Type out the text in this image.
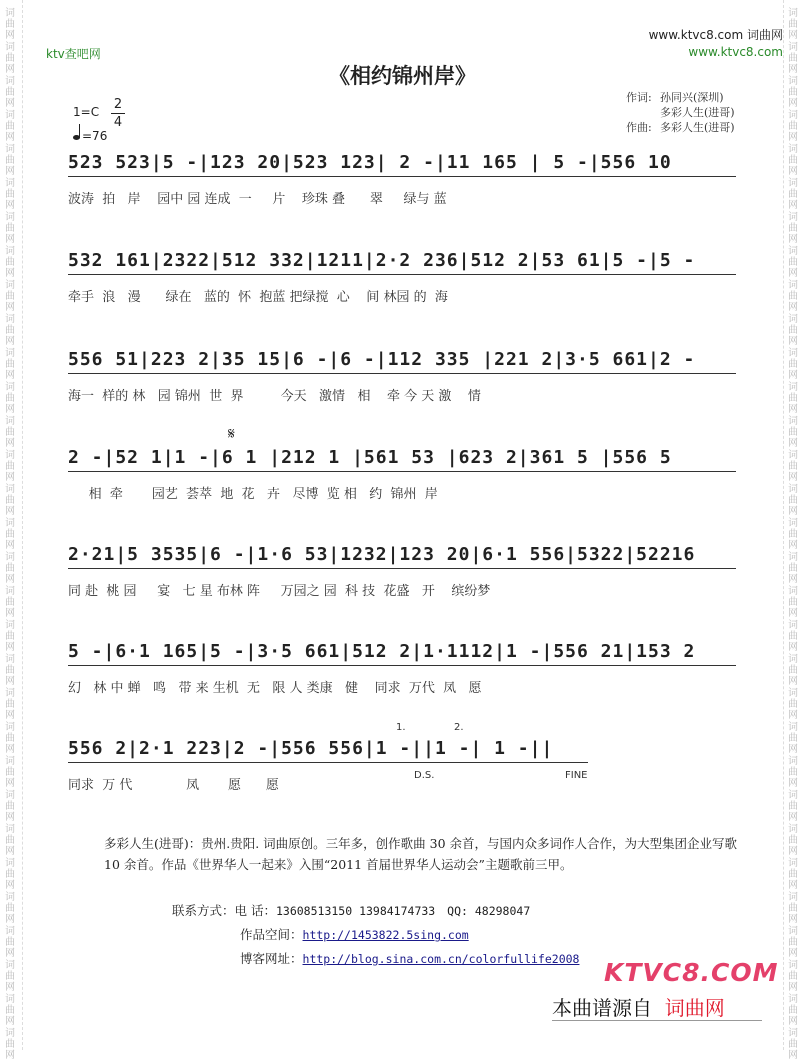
词曲网
词曲网
词曲网
词曲网
词曲网
词曲网
词曲网
词曲网
词曲网
词曲网
词曲网
词曲网
词曲网
词曲网
词曲网
词曲网
词曲网
词曲网
词曲网
词曲网
词曲网
词曲网
词曲网
词曲网
词曲网
词曲网
词曲网
词曲网
词曲网
词曲网
词曲网
词曲网
词曲网
词曲网
词曲网
词曲网
词曲网
词曲网
词曲网
词曲网
词曲网
词曲网
词曲网
词曲网
词曲网
词曲网
词曲网
词曲网
词曲网
词曲网
词曲网
词曲网
词曲网
词曲网
词曲网
词曲网
词曲网
词曲网
词曲网
词曲网
词曲网
词曲网
ktv查吧网
www.ktvc8.com 词曲网
www.ktvc8.com
《相约锦州岸》
作词: 孙同兴(深圳)
多彩人生(进哥)
作曲: 多彩人生(进哥)
1=C 2
4
=76
523 523|5 -|123 20|523 123| 2 -|11 165 | 5 -|556 10
波涛  拍   岸    园中 园 连成  一     片    珍珠 叠      翠     绿与 蓝
532 161|2322|512 332|1211|2·2 236|512 2|53 61|5 -|5 -
牵手  浪   漫      绿在   蓝的  怀  抱蓝 把绿搅  心    间 林园 的  海
556 51|223 2|35 15|6 -|6 -|112 335 |221 2|3·5 661|2 -
海一  样的 林   园 锦州  世  界         今天   激情   相    牵 今 天 激    情
𝄋
2 -|52 1|1 -|6 1 |212 1 |561 53 |623 2|361 5 |556 5
相  牵       园艺  荟萃  地  花   卉   尽博  览 相   约  锦州  岸
2·21|5 3535|6 -|1·6 53|1232|123 20|6·1 556|5322|52216
同 赴  桃 园     宴   七 星 布林 阵     万园之 园  科 技  花盛   开    缤纷梦
5 -|6·1 165|5 -|3·5 661|512 2|1·1112|1 -|556 21|153 2
幻   林 中 蝉   鸣   带 来 生机  无   限 人 类康   健    同求  万代  凤   愿
1.	2.
556 2|2·1 223|2 -|556 556|1 -||1 -| 1 -||
同求  万 代             凤       愿      愿
D.S.	FINE
多彩人生(进哥)：贵州.贵阳. 词曲原创。三年多，创作歌曲 30 余首，与国内众多词作人合作，为大型集团企业写歌 10 余首。作品《世界华人一起来》入围“2011 首届世界华人运动会”主题歌前三甲。
联系方式：电 话：13608513150 13984174733 QQ: 48298047
作品空间：http://1453822.5sing.com
博客网址：http://blog.sina.com.cn/colorfullife2008 KTVC8.COM
本曲谱源自 词曲网
